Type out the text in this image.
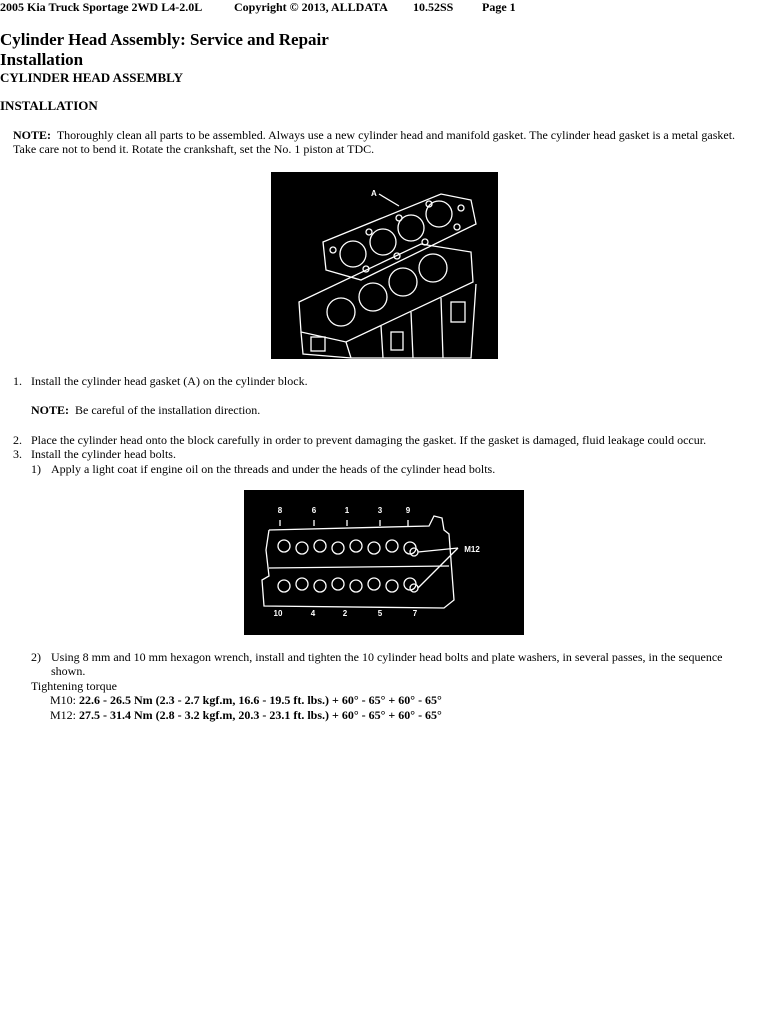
2005 Kia Truck Sportage 2WD L4-2.0L	Copyright © 2013, ALLDATA 10.52SS Page 1
Cylinder Head Assembly: Service and Repair
Installation
CYLINDER HEAD ASSEMBLY
INSTALLATION
NOTE: Thoroughly clean all parts to be assembled. Always use a new cylinder head and manifold gasket. The cylinder head gasket is a metal gasket.
Take care not to bend it. Rotate the crankshaft, set the No. 1 piston at TDC.
A
1. Install the cylinder head gasket (A) on the cylinder block.
NOTE: Be careful of the installation direction.
2. Place the cylinder head onto the block carefully in order to prevent damaging the gasket. If the gasket is damaged, fluid leakage could occur.
3. Install the cylinder head bolts.
1) Apply a light coat if engine oil on the threads and under the heads of the cylinder head bolts.
8	6	1	3	9
10	4	2	5	7
M12
2) Using 8 mm and 10 mm hexagon wrench, install and tighten the 10 cylinder head bolts and plate washers, in several passes, in the sequence
shown.
Tightening torque
M10: 22.6 - 26.5 Nm (2.3 - 2.7 kgf.m, 16.6 - 19.5 ft. lbs.) + 60° - 65° + 60° - 65°
M12: 27.5 - 31.4 Nm (2.8 - 3.2 kgf.m, 20.3 - 23.1 ft. lbs.) + 60° - 65° + 60° - 65°
